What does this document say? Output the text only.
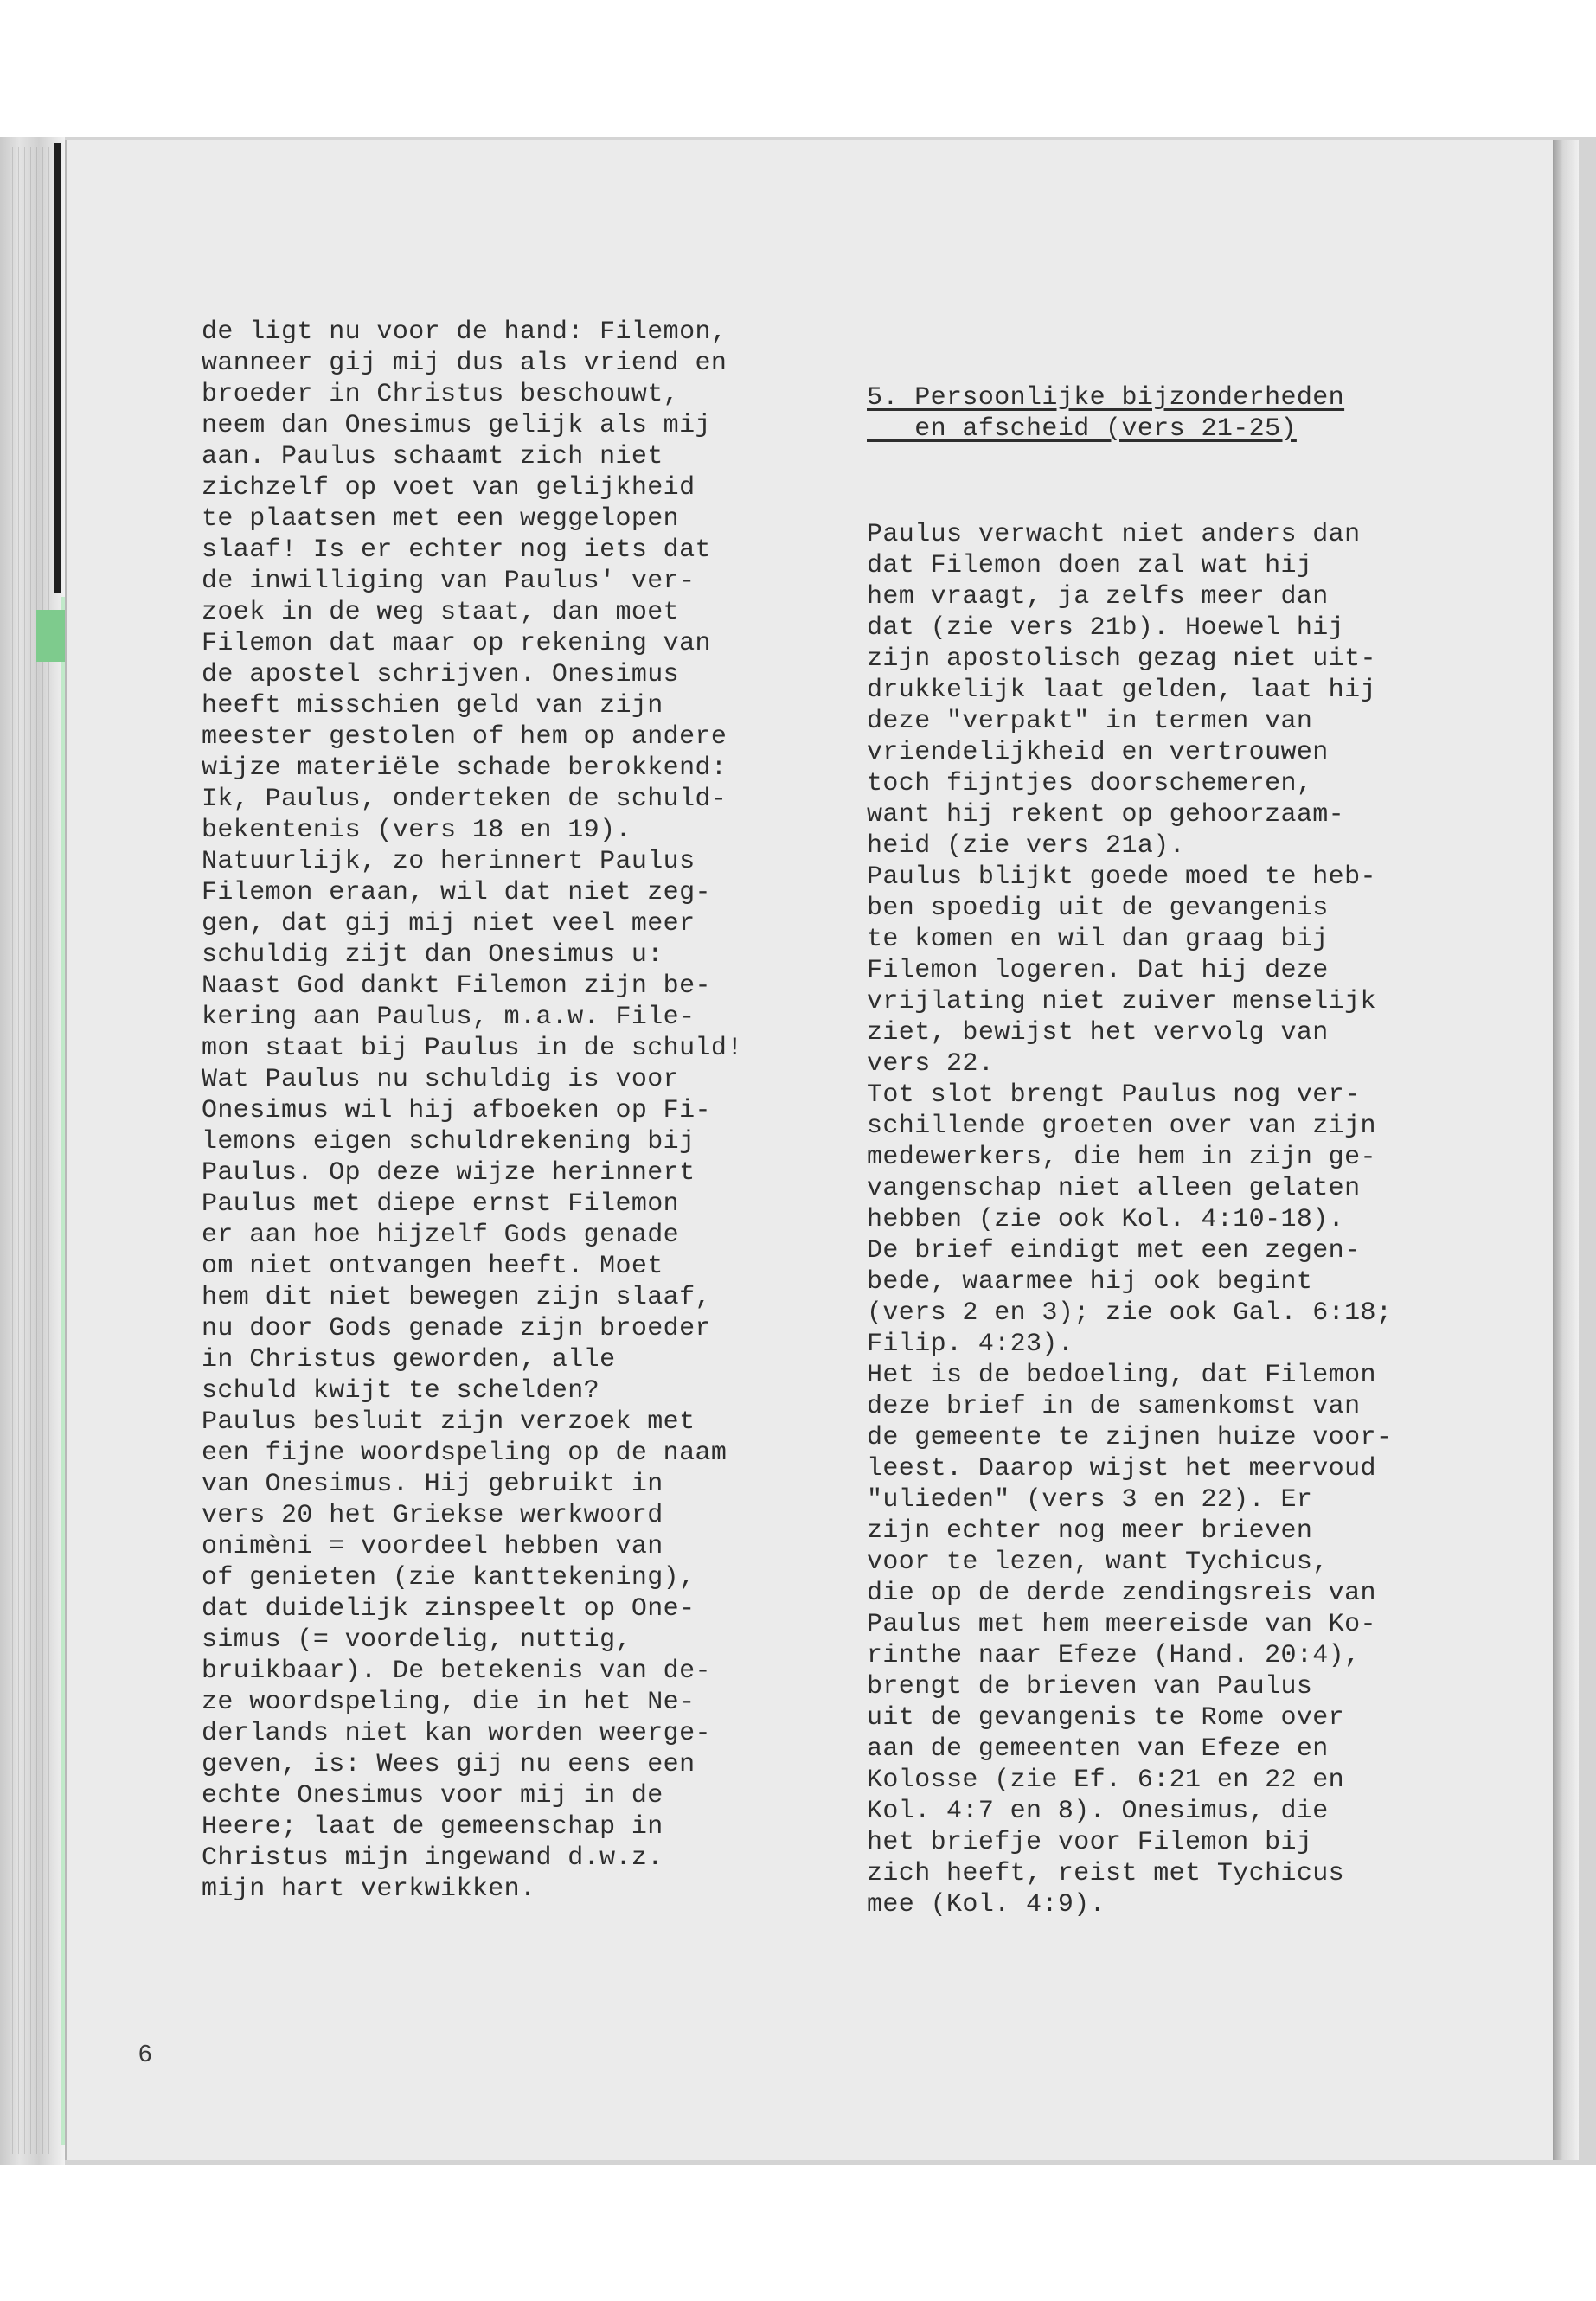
de ligt nu voor de hand: Filemon,
wanneer gij mij dus als vriend en
broeder in Christus beschouwt,
neem dan Onesimus gelijk als mij
aan. Paulus schaamt zich niet
zichzelf op voet van gelijkheid
te plaatsen met een weggelopen
slaaf! Is er echter nog iets dat
de inwilliging van Paulus' ver-
zoek in de weg staat, dan moet
Filemon dat maar op rekening van
de apostel schrijven. Onesimus
heeft misschien geld van zijn
meester gestolen of hem op andere
wijze materiële schade berokkend:
Ik, Paulus, onderteken de schuld-
bekentenis (vers 18 en 19).
Natuurlijk, zo herinnert Paulus
Filemon eraan, wil dat niet zeg-
gen, dat gij mij niet veel meer
schuldig zijt dan Onesimus u:
Naast God dankt Filemon zijn be-
kering aan Paulus, m.a.w. File-
mon staat bij Paulus in de schuld!
Wat Paulus nu schuldig is voor
Onesimus wil hij afboeken op Fi-
lemons eigen schuldrekening bij
Paulus. Op deze wijze herinnert
Paulus met diepe ernst Filemon
er aan hoe hijzelf Gods genade
om niet ontvangen heeft. Moet
hem dit niet bewegen zijn slaaf,
nu door Gods genade zijn broeder
in Christus geworden, alle
schuld kwijt te schelden?
Paulus besluit zijn verzoek met
een fijne woordspeling op de naam
van Onesimus. Hij gebruikt in
vers 20 het Griekse werkwoord
onimèni = voordeel hebben van
of genieten (zie kanttekening),
dat duidelijk zinspeelt op One-
simus (= voordelig, nuttig,
bruikbaar). De betekenis van de-
ze woordspeling, die in het Ne-
derlands niet kan worden weerge-
geven, is: Wees gij nu eens een
echte Onesimus voor mij in de
Heere; laat de gemeenschap in
Christus mijn ingewand d.w.z.
mijn hart verkwikken.

5. Persoonlijke bijzonderheden
en afscheid (vers 21-25)

Paulus verwacht niet anders dan
dat Filemon doen zal wat hij
hem vraagt, ja zelfs meer dan
dat (zie vers 21b). Hoewel hij
zijn apostolisch gezag niet uit-
drukkelijk laat gelden, laat hij
deze "verpakt" in termen van
vriendelijkheid en vertrouwen
toch fijntjes doorschemeren,
want hij rekent op gehoorzaam-
heid (zie vers 21a).
Paulus blijkt goede moed te heb-
ben spoedig uit de gevangenis
te komen en wil dan graag bij
Filemon logeren. Dat hij deze
vrijlating niet zuiver menselijk
ziet, bewijst het vervolg van
vers 22.
Tot slot brengt Paulus nog ver-
schillende groeten over van zijn
medewerkers, die hem in zijn ge-
vangenschap niet alleen gelaten
hebben (zie ook Kol. 4:10-18).
De brief eindigt met een zegen-
bede, waarmee hij ook begint
(vers 2 en 3); zie ook Gal. 6:18;
Filip. 4:23).
Het is de bedoeling, dat Filemon
deze brief in de samenkomst van
de gemeente te zijnen huize voor-
leest. Daarop wijst het meervoud
"ulieden" (vers 3 en 22). Er
zijn echter nog meer brieven
voor te lezen, want Tychicus,
die op de derde zendingsreis van
Paulus met hem meereisde van Ko-
rinthe naar Efeze (Hand. 20:4),
brengt de brieven van Paulus
uit de gevangenis te Rome over
aan de gemeenten van Efeze en
Kolosse (zie Ef. 6:21 en 22 en
Kol. 4:7 en 8). Onesimus, die
het briefje voor Filemon bij
zich heeft, reist met Tychicus
mee (Kol. 4:9).

6
